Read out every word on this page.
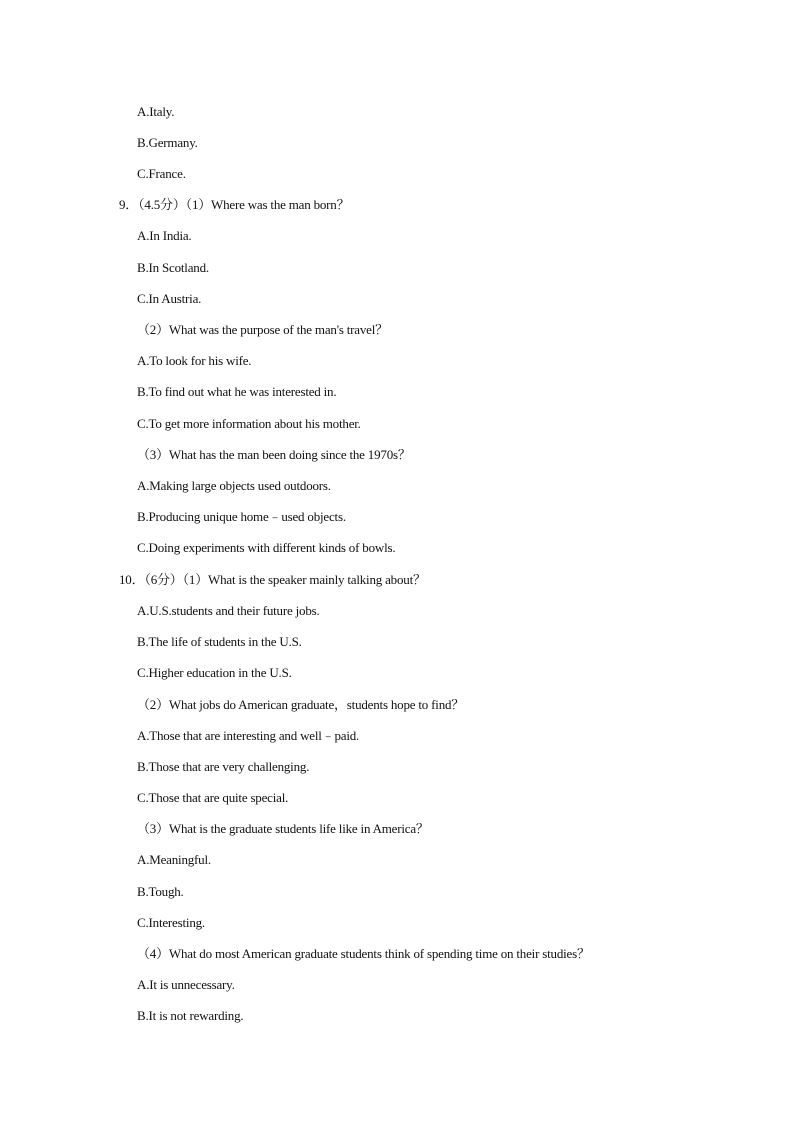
A.Italy.
B.Germany.
C.France.
9．（4.5分）（1）Where was the man born？
A.In India.
B.In Scotland.
C.In Austria.
（2）What was the purpose of the man's travel？
A.To look for his wife.
B.To find out what he was interested in.
C.To get more information about his mother.
（3）What has the man been doing since the 1970s？
A.Making large objects used outdoors.
B.Producing unique home﹣used objects.
C.Doing experiments with different kinds of bowls.
10．（6分）（1）What is the speaker mainly talking about？
A.U.S.students and their future jobs.
B.The life of students in the U.S.
C.Higher education in the U.S.
（2）What jobs do American graduate，students hope to find？
A.Those that are interesting and well﹣paid.
B.Those that are very challenging.
C.Those that are quite special.
（3）What is the graduate students life like in America？
A.Meaningful.
B.Tough.
C.Interesting.
（4）What do most American graduate students think of spending time on their studies？
A.It is unnecessary.
B.It is not rewarding.
